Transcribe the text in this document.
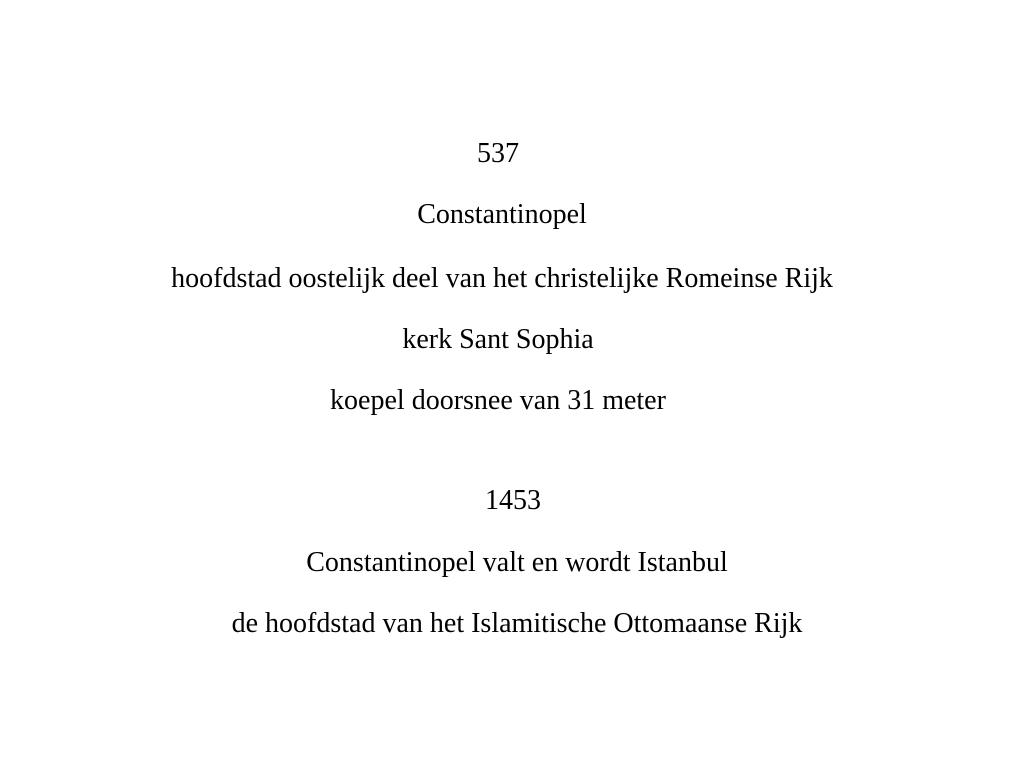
537
Constantinopel
hoofdstad oostelijk deel van het christelijke Romeinse Rijk
kerk Sant Sophia
koepel doorsnee van 31 meter
1453
Constantinopel valt en wordt Istanbul
de hoofdstad van het Islamitische Ottomaanse Rijk
